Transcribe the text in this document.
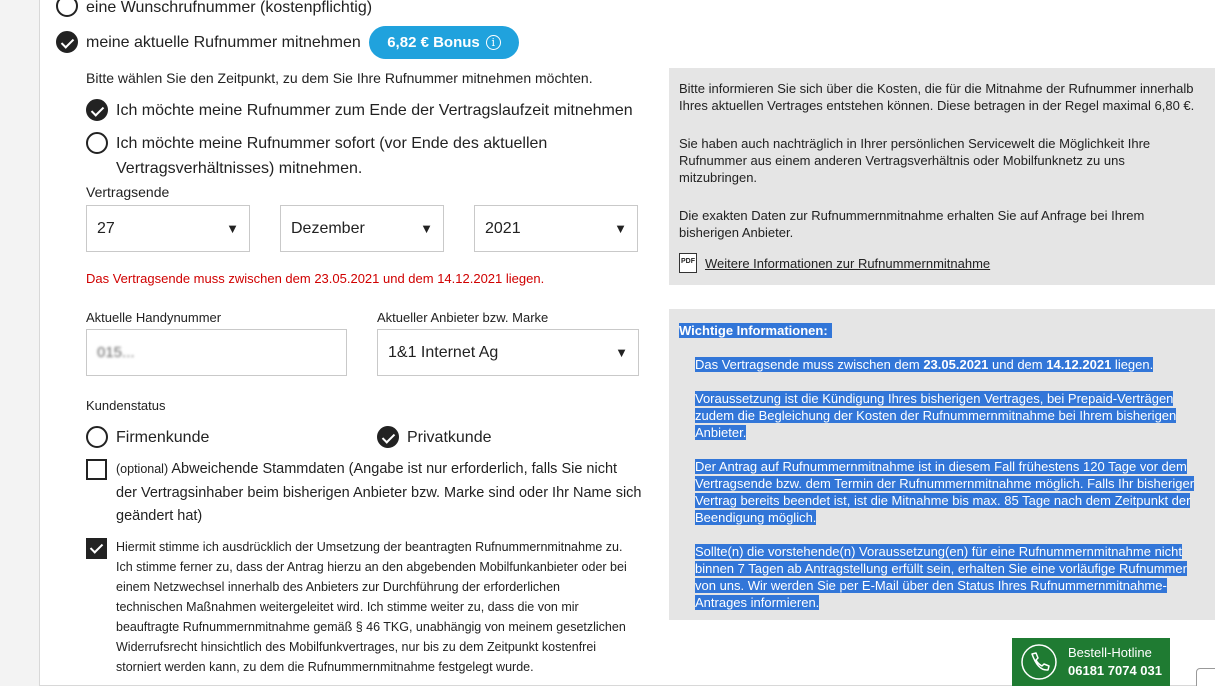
eine Wunschrufnummer (kostenpflichtig)
meine aktuelle Rufnummer mitnehmen 6,82 € Bonus	i
Bitte wählen Sie den Zeitpunkt, zu dem Sie Ihre Rufnummer mitnehmen möchten.
Ich möchte meine Rufnummer zum Ende der Vertragslaufzeit mitnehmen
Ich möchte meine Rufnummer sofort (vor Ende des aktuellen
Vertragsverhältnisses) mitnehmen.
Vertragsende
27	▼	Dezember	▼	2021	▼
Das Vertragsende muss zwischen dem 23.05.2021 und dem 14.12.2021 liegen.
Aktuelle Handynummer
015...
Aktueller Anbieter bzw. Marke
1&1 Internet Ag	▼
Kundenstatus
Firmenkunde	Privatkunde
(optional) Abweichende Stammdaten (Angabe ist nur erforderlich, falls Sie nicht
der Vertragsinhaber beim bisherigen Anbieter bzw. Marke sind oder Ihr Name sich
geändert hat)
Hiermit stimme ich ausdrücklich der Umsetzung der beantragten Rufnummernmitnahme zu.
Ich stimme ferner zu, dass der Antrag hierzu an den abgebenden Mobilfunkanbieter oder bei
einem Netzwechsel innerhalb des Anbieters zur Durchführung der erforderlichen
technischen Maßnahmen weitergeleitet wird. Ich stimme weiter zu, dass die von mir
beauftragte Rufnummernmitnahme gemäß § 46 TKG, unabhängig von meinem gesetzlichen
Widerrufsrecht hinsichtlich des Mobilfunkvertrages, nur bis zu dem Zeitpunkt kostenfrei
storniert werden kann, zu dem die Rufnummernmitnahme festgelegt wurde.

Bitte informieren Sie sich über die Kosten, die für die Mitnahme der Rufnummer innerhalb Ihres aktuellen Vertrages entstehen können. Diese betragen in der Regel maximal 6,80 €.

Sie haben auch nachträglich in Ihrer persönlichen Servicewelt die Möglichkeit Ihre Rufnummer aus einem anderen Vertragsverhältnis oder Mobilfunknetz zu uns mitzubringen.

Die exakten Daten zur Rufnummernmitnahme erhalten Sie auf Anfrage bei Ihrem bisherigen Anbieter.

PDF Weitere Informationen zur Rufnummernmitnahme
Wichtige Informationen:

Das Vertragsende muss zwischen dem 23.05.2021 und dem 14.12.2021 liegen.

Voraussetzung ist die Kündigung Ihres bisherigen Vertrages, bei Prepaid-Verträgen zudem die Begleichung der Kosten der Rufnummernmitnahme bei Ihrem bisherigen Anbieter.

Der Antrag auf Rufnummernmitnahme ist in diesem Fall frühestens 120 Tage vor dem Vertragsende bzw. dem Termin der Rufnummernmitnahme möglich. Falls Ihr bisheriger Vertrag bereits beendet ist, ist die Mitnahme bis max. 85 Tage nach dem Zeitpunkt der Beendigung möglich.

Sollte(n) die vorstehende(n) Voraussetzung(en) für eine Rufnummernmitnahme nicht binnen 7 Tagen ab Antragstellung erfüllt sein, erhalten Sie eine vorläufige Rufnummer von uns. Wir werden Sie per E-Mail über den Status Ihres Rufnummernmitnahme-Antrages informieren.

Bestell-Hotline
06181 7074 031
